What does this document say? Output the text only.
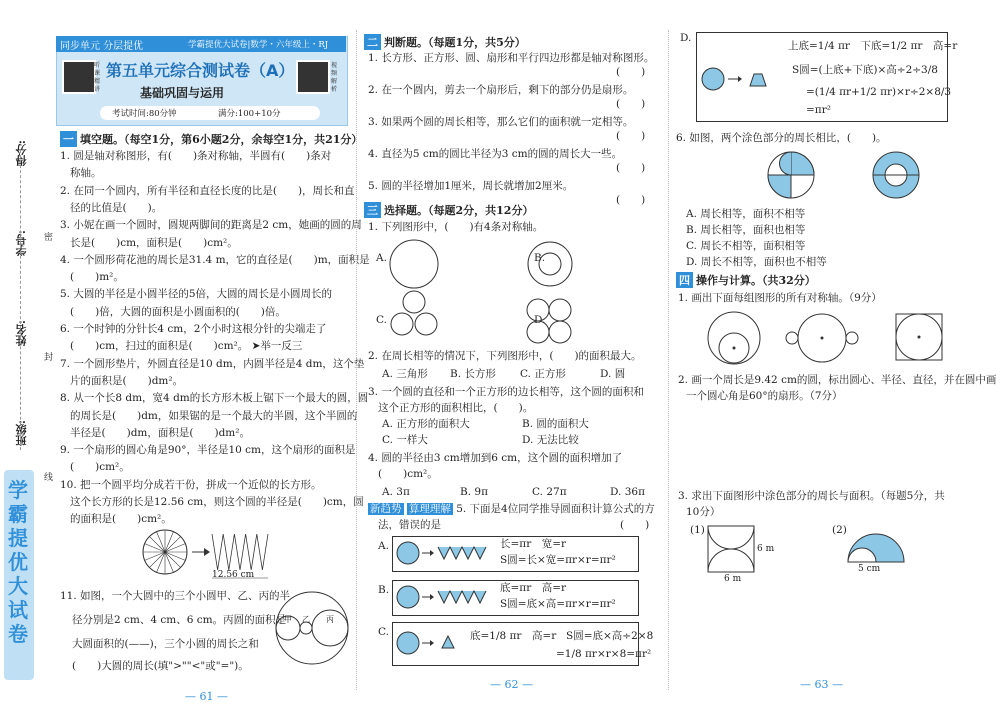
得分:
学号:
姓名:
班级:
密
封
线
学霸提优大试卷
同步单元 分层提优	学霸提优大试卷|数学・六年级上・RJ
听课精讲
视频解析
第五单元综合测试卷（A）
基础巩固与运用
考试时间:80分钟	满分:100+10分
一 填空题。（每空1分，第6小题2分，余每空1分，共21分）
1. 圆是轴对称图形，有(　　)条对称轴，半圆有(　　)条对
称轴。
2. 在同一个圆内，所有半径和直径长度的比是(　　)，周长和直
径的比值是(　　)。
3. 小妮在画一个圆时，圆规两脚间的距离是2 cm，她画的圆的周
长是(　　)cm，面积是(　　)cm²。
4. 一个圆形荷花池的周长是31.4 m，它的直径是(　　)m，面积是
(　　)m²。
5. 大圆的半径是小圆半径的5倍，大圆的周长是小圆周长的
(　　)倍，大圆的面积是小圆面积的(　　)倍。
6. 一个时钟的分针长4 cm，2个小时这根分针的尖端走了
(　　)cm，扫过的面积是(　　)cm²。 ➤举一反三
7. 一个圆形垫片，外圆直径是10 dm，内圆半径是4 dm，这个垫
片的面积是(　　)dm²。
8. 从一个长8 dm，宽4 dm的长方形木板上锯下一个最大的圆，圆
的周长是(　　)dm，如果锯的是一个最大的半圆，这个半圆的
半径是(　　)dm，面积是(　　)dm²。
9. 一个扇形的圆心角是90°，半径是10 cm，这个扇形的面积是
(　　)cm²。
10. 把一个圆平均分成若干份，拼成一个近似的长方形。
这个长方形的长是12.56 cm，则这个圆的半径是(　　)cm，圆
的面积是(　　)cm²。
12.56 cm
11. 如图，一个大圆中的三个小圆甲、乙、丙的半
径分别是2 cm、4 cm、6 cm。丙圆的面积是
大圆面积的(——)，三个小圆的周长之和
(　　)大圆的周长(填">""<"或"=")。
甲 乙 丙
— 61 —
二 判断题。（每题1分，共5分）
1. 长方形、正方形、圆、扇形和平行四边形都是轴对称图形。
(　　)
2. 在一个圆内，剪去一个扇形后，剩下的部分仍是扇形。
(　　)
3. 如果两个圆的周长相等，那么它们的面积就一定相等。
(　　)
4. 直径为5 cm的圆比半径为3 cm的圆的周长大一些。
(　　)
5. 圆的半径增加1厘米，周长就增加2厘米。
(　　)
三 选择题。（每题2分，共12分）
1. 下列图形中，(　　)有4条对称轴。
A.	B.
C.	D.
2. 在周长相等的情况下，下列图形中，(　　)的面积最大。
A. 三角形 B. 长方形 C. 正方形	D. 圆
3. 一个圆的直径和一个正方形的边长相等，这个圆的面积和
这个正方形的面积相比，(　　)。
A. 正方形的面积大	B. 圆的面积大
C. 一样大	D. 无法比较
4. 圆的半径由3 cm增加到6 cm，这个圆的面积增加了
(　　)cm²。
A. 3π	B. 9π	C. 27π	D. 36π
新趋势 算理理解 5. 下面是4位同学推导圆面积计算公式的方
法，错误的是	(　　)
A.	长=πr　宽=r
S圆=长×宽=πr×r=πr²
B.	底=πr　高=r
S圆=底×高=πr×r=πr²
C.	底=1/8 πr　高=r S圆=底×高÷2×8
=1/8 πr×r×8=πr²
— 62 —
D.
上底=1/4 πr　下底=1/2 πr　高=r
S圆=(上底+下底)×高÷2÷3/8
=(1/4 πr+1/2 πr)×r÷2×8/3
=πr²
6. 如图，两个涂色部分的周长相比，(　　)。
A. 周长相等，面积不相等
B. 周长相等，面积也相等
C. 周长不相等，面积相等
D. 周长不相等，面积也不相等
四 操作与计算。（共32分）
1. 画出下面每组图形的所有对称轴。（9分）
2. 画一个周长是9.42 cm的圆，标出圆心、半径、直径，并在圆中画
一个圆心角是60°的扇形。（7分）
3. 求出下面图形中涂色部分的周长与面积。（每题5分，共
10分）
(1)	(2)
6 m
6 m
5 cm
— 63 —
